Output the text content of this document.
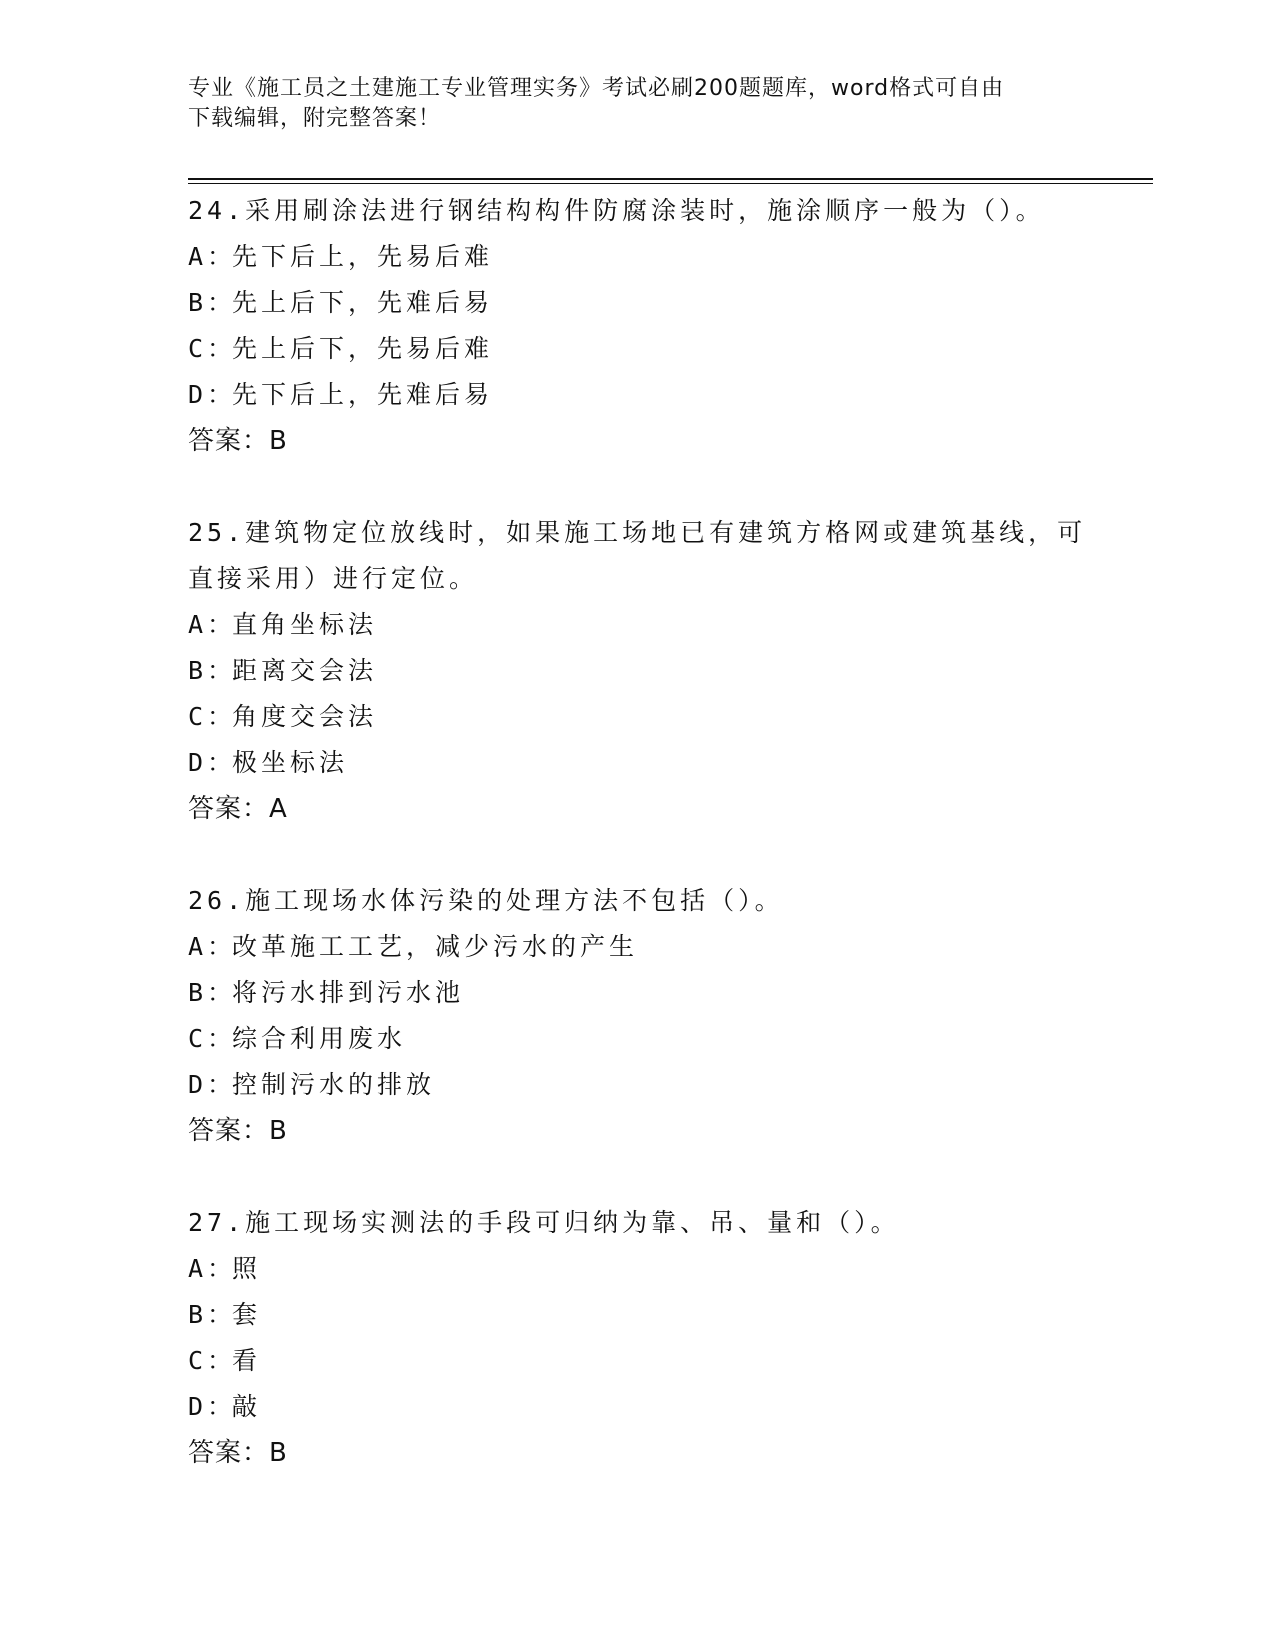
专业《施工员之土建施工专业管理实务》考试必刷200题题库，word格式可自由
下载编辑，附完整答案！
24.采用刷涂法进行钢结构构件防腐涂装时，施涂顺序一般为（）。
A：
先下后上，先易后难
B：
先上后下，先难后易
C：
先上后下，先易后难
D：
先下后上，先难后易
答案：B
25.建筑物定位放线时，如果施工场地已有建筑方格网或建筑基线，可
直接采用）进行定位。
A：
直角坐标法
B：
距离交会法
C：
角度交会法
D：
极坐标法
答案：A
26.施工现场水体污染的处理方法不包括（）。
A：
改革施工工艺，减少污水的产生
B：
将污水排到污水池
C：
综合利用废水
D：
控制污水的排放
答案：B
27.施工现场实测法的手段可归纳为靠、吊、量和（）。
A：
照
B：
套
C：
看
D：
敲
答案：B
